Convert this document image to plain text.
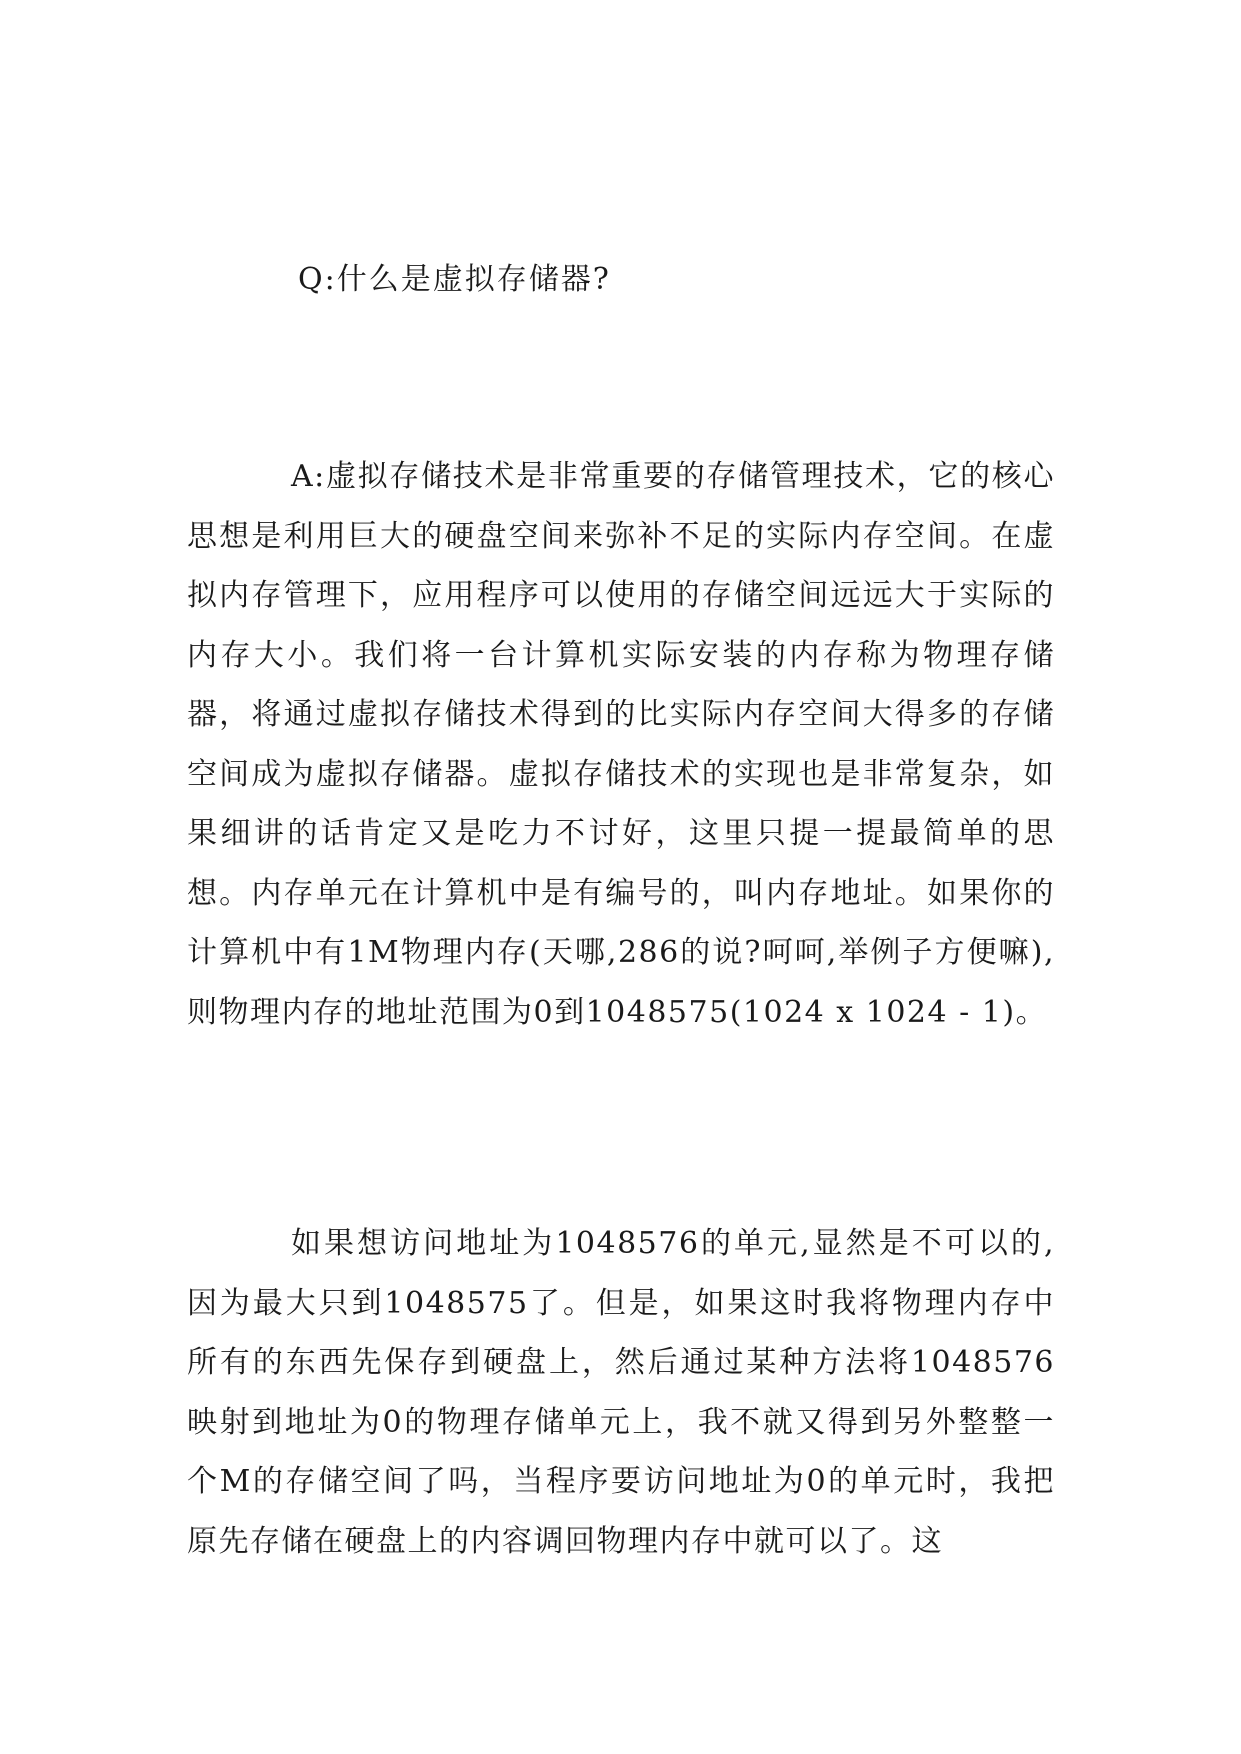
Q:什么是虚拟存储器?

A:虚拟存储技术是非常重要的存储管理技术，它的核心思想是利用巨大的硬盘空间来弥补不足的实际内存空间。在虚拟内存管理下，应用程序可以使用的存储空间远远大于实际的内存大小。我们将一台计算机实际安装的内存称为物理存储器，将通过虚拟存储技术得到的比实际内存空间大得多的存储空间成为虚拟存储器。虚拟存储技术的实现也是非常复杂，如果细讲的话肯定又是吃力不讨好，这里只提一提最简单的思想。内存单元在计算机中是有编号的，叫内存地址。如果你的计算机中有1M物理内存(天哪,286的说?呵呵,举例子方便嘛),则物理内存的地址范围为0到1048575(1024 x 1024 - 1)。

如果想访问地址为1048576的单元,显然是不可以的,因为最大只到1048575了。但是，如果这时我将物理内存中所有的东西先保存到硬盘上，然后通过某种方法将1048576映射到地址为0的物理存储单元上，我不就又得到另外整整一个M的存储空间了吗，当程序要访问地址为0的单元时，我把原先存储在硬盘上的内容调回物理内存中就可以了。这
